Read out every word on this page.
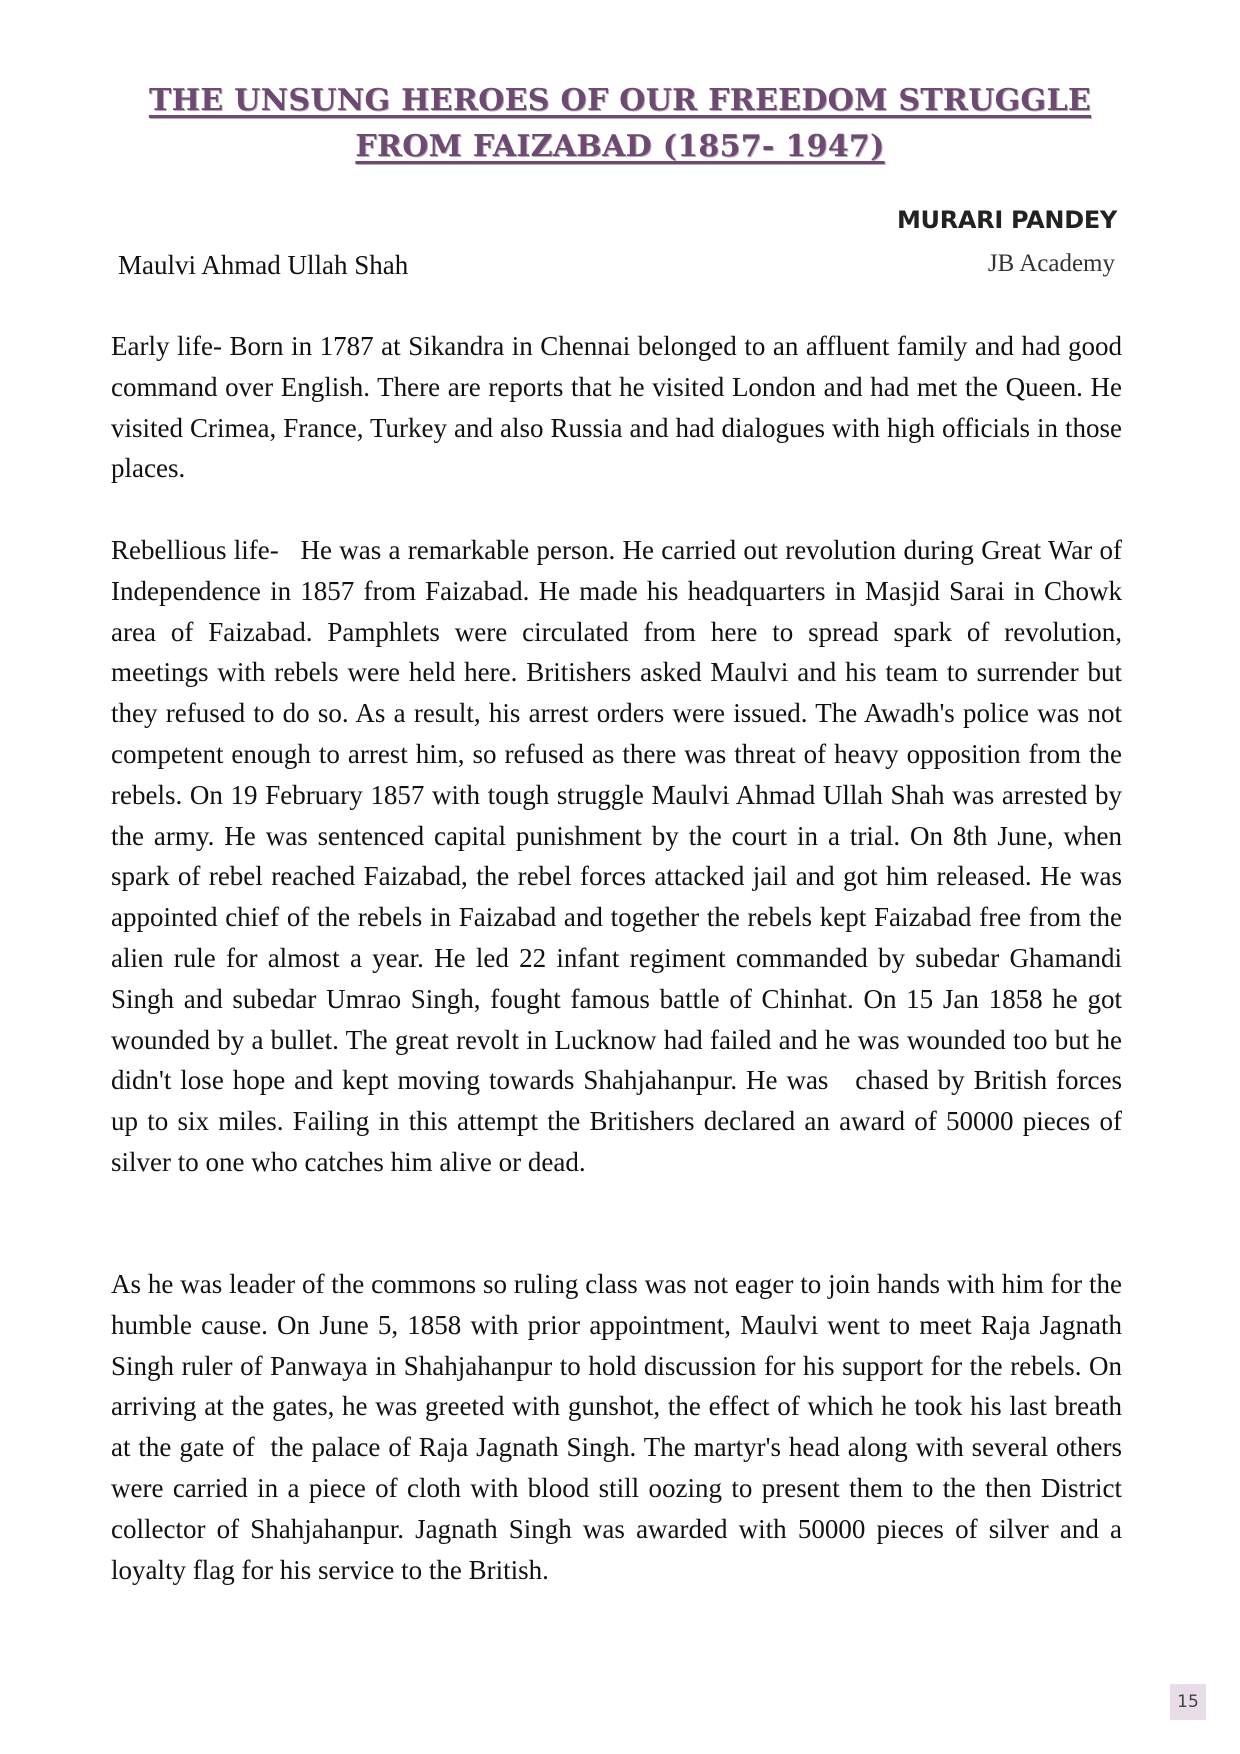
THE UNSUNG HEROES OF OUR FREEDOM STRUGGLE
FROM FAIZABAD (1857- 1947)
MURARI PANDEY
Maulvi Ahmad Ullah Shah	JB Academy

Early life- Born in 1787 at Sikandra in Chennai belonged to an affluent family and had good command over English. There are reports that he visited London and had met the Queen. He visited Crimea, France, Turkey and also Russia and had dialogues with high officials in those places.

Rebellious life-   He was a remarkable person. He carried out revolution during Great War of Independence in 1857 from Faizabad. He made his headquarters in Masjid Sarai in Chowk area of Faizabad. Pamphlets were circulated from here to spread spark of revolution, meetings with rebels were held here. Britishers asked Maulvi and his team to surrender but they refused to do so. As a result, his arrest orders were issued. The Awadh's police was not competent enough to arrest him, so refused as there was threat of heavy opposition from the rebels. On 19 February 1857 with tough struggle Maulvi Ahmad Ullah Shah was arrested by the army. He was sentenced capital punishment by the court in a trial. On 8th June, when spark of rebel reached Faizabad, the rebel forces attacked jail and got him released. He was appointed chief of the rebels in Faizabad and together the rebels kept Faizabad free from the alien rule for almost a year. He led 22 infant regiment commanded by subedar Ghamandi Singh and subedar Umrao Singh, fought famous battle of Chinhat. On 15 Jan 1858 he got wounded by a bullet. The great revolt in Lucknow had failed and he was wounded too but he didn't lose hope and kept moving towards Shahjahanpur. He was   chased by British forces up to six miles. Failing in this attempt the Britishers declared an award of 50000 pieces of silver to one who catches him alive or dead.

As he was leader of the commons so ruling class was not eager to join hands with him for the humble cause. On June 5, 1858 with prior appointment, Maulvi went to meet Raja Jagnath Singh ruler of Panwaya in Shahjahanpur to hold discussion for his support for the rebels. On arriving at the gates, he was greeted with gunshot, the effect of which he took his last breath at the gate of  the palace of Raja Jagnath Singh. The martyr's head along with several others were carried in a piece of cloth with blood still oozing to present them to the then District collector of Shahjahanpur. Jagnath Singh was awarded with 50000 pieces of silver and a loyalty flag for his service to the British.

15
